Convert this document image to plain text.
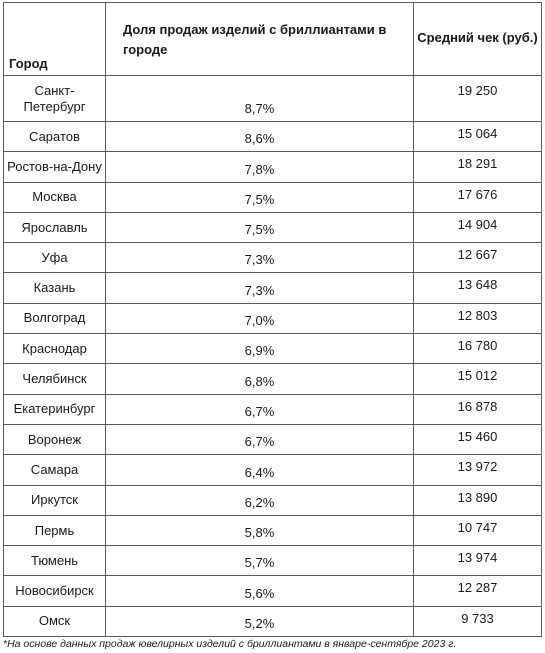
Город	Доля продаж изделий с бриллиантами в городе	Средний чек (руб.)
Санкт-Петербург	8,7%	19 250
Саратов	8,6%	15 064
Ростов-на-Дону	7,8%	18 291
Москва	7,5%	17 676
Ярославль	7,5%	14 904
Уфа	7,3%	12 667
Казань	7,3%	13 648
Волгоград	7,0%	12 803
Краснодар	6,9%	16 780
Челябинск	6,8%	15 012
Екатеринбург	6,7%	16 878
Воронеж	6,7%	15 460
Самара	6,4%	13 972
Иркутск	6,2%	13 890
Пермь	5,8%	10 747
Тюмень	5,7%	13 974
Новосибирск	5,6%	12 287
Омск	5,2%	9 733
*На основе данных продаж ювелирных изделий с бриллиантами в январе-сентябре 2023 г.
